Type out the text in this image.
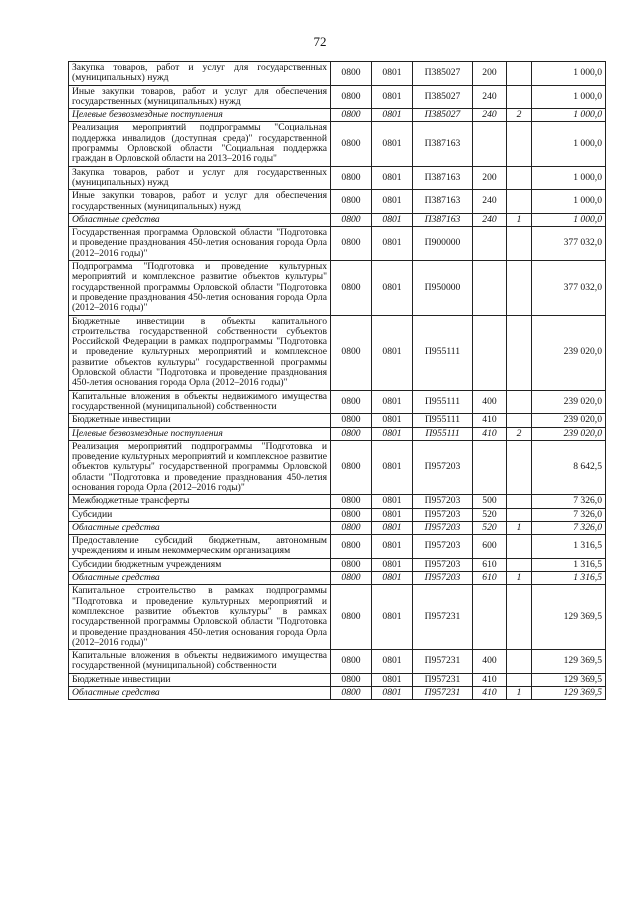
72
Закупка товаров, работ и услуг для государственных (муниципальных) нужд	0800	0801	П385027	200		1 000,0
Иные закупки товаров, работ и услуг для обеспечения государственных (муниципальных) нужд	0800	0801	П385027	240		1 000,0
Целевые безвозмездные поступления	0800	0801	П385027	240	2	1 000,0
Реализация мероприятий подпрограммы "Социальная поддержка инвалидов (доступная среда)" государственной программы Орловской области "Социальная поддержка граждан в Орловской области на 2013–2016 годы"	0800	0801	П387163			1 000,0
Закупка товаров, работ и услуг для государственных (муниципальных) нужд	0800	0801	П387163	200		1 000,0
Иные закупки товаров, работ и услуг для обеспечения государственных (муниципальных) нужд	0800	0801	П387163	240		1 000,0
Областные средства	0800	0801	П387163	240	1	1 000,0
Государственная программа Орловской области "Подготовка и проведение празднования 450-летия основания города Орла (2012–2016 годы)"	0800	0801	П900000			377 032,0
Подпрограмма "Подготовка и проведение культурных мероприятий и комплексное развитие объектов культуры" государственной программы Орловской области "Подготовка и проведение празднования 450-летия основания города Орла (2012–2016 годы)"	0800	0801	П950000			377 032,0
Бюджетные инвестиции в объекты капитального строительства государственной собственности субъектов Российской Федерации в рамках подпрограммы "Подготовка и проведение культурных мероприятий и комплексное развитие объектов культуры" государственной программы Орловской области "Подготовка и проведение празднования 450-летия основания города Орла (2012–2016 годы)"	0800	0801	П955111			239 020,0
Капитальные вложения в объекты недвижимого имущества государственной (муниципальной) собственности	0800	0801	П955111	400		239 020,0
Бюджетные инвестиции	0800	0801	П955111	410		239 020,0
Целевые безвозмездные поступления	0800	0801	П955111	410	2	239 020,0
Реализация мероприятий подпрограммы "Подготовка и проведение культурных мероприятий и комплексное развитие объектов культуры" государственной программы Орловской области "Подготовка и проведение празднования 450-летия основания города Орла (2012–2016 годы)"	0800	0801	П957203			8 642,5
Межбюджетные трансферты	0800	0801	П957203	500		7 326,0
Субсидии	0800	0801	П957203	520		7 326,0
Областные средства	0800	0801	П957203	520	1	7 326,0
Предоставление субсидий бюджетным, автономным учреждениям и иным некоммерческим организациям	0800	0801	П957203	600		1 316,5
Субсидии бюджетным учреждениям	0800	0801	П957203	610		1 316,5
Областные средства	0800	0801	П957203	610	1	1 316,5
Капитальное строительство в рамках подпрограммы "Подготовка и проведение культурных мероприятий и комплексное развитие объектов культуры" в рамках государственной программы Орловской области "Подготовка и проведение празднования 450-летия основания города Орла (2012–2016 годы)"	0800	0801	П957231			129 369,5
Капитальные вложения в объекты недвижимого имущества государственной (муниципальной) собственности	0800	0801	П957231	400		129 369,5
Бюджетные инвестиции	0800	0801	П957231	410		129 369,5
Областные средства	0800	0801	П957231	410	1	129 369,5
